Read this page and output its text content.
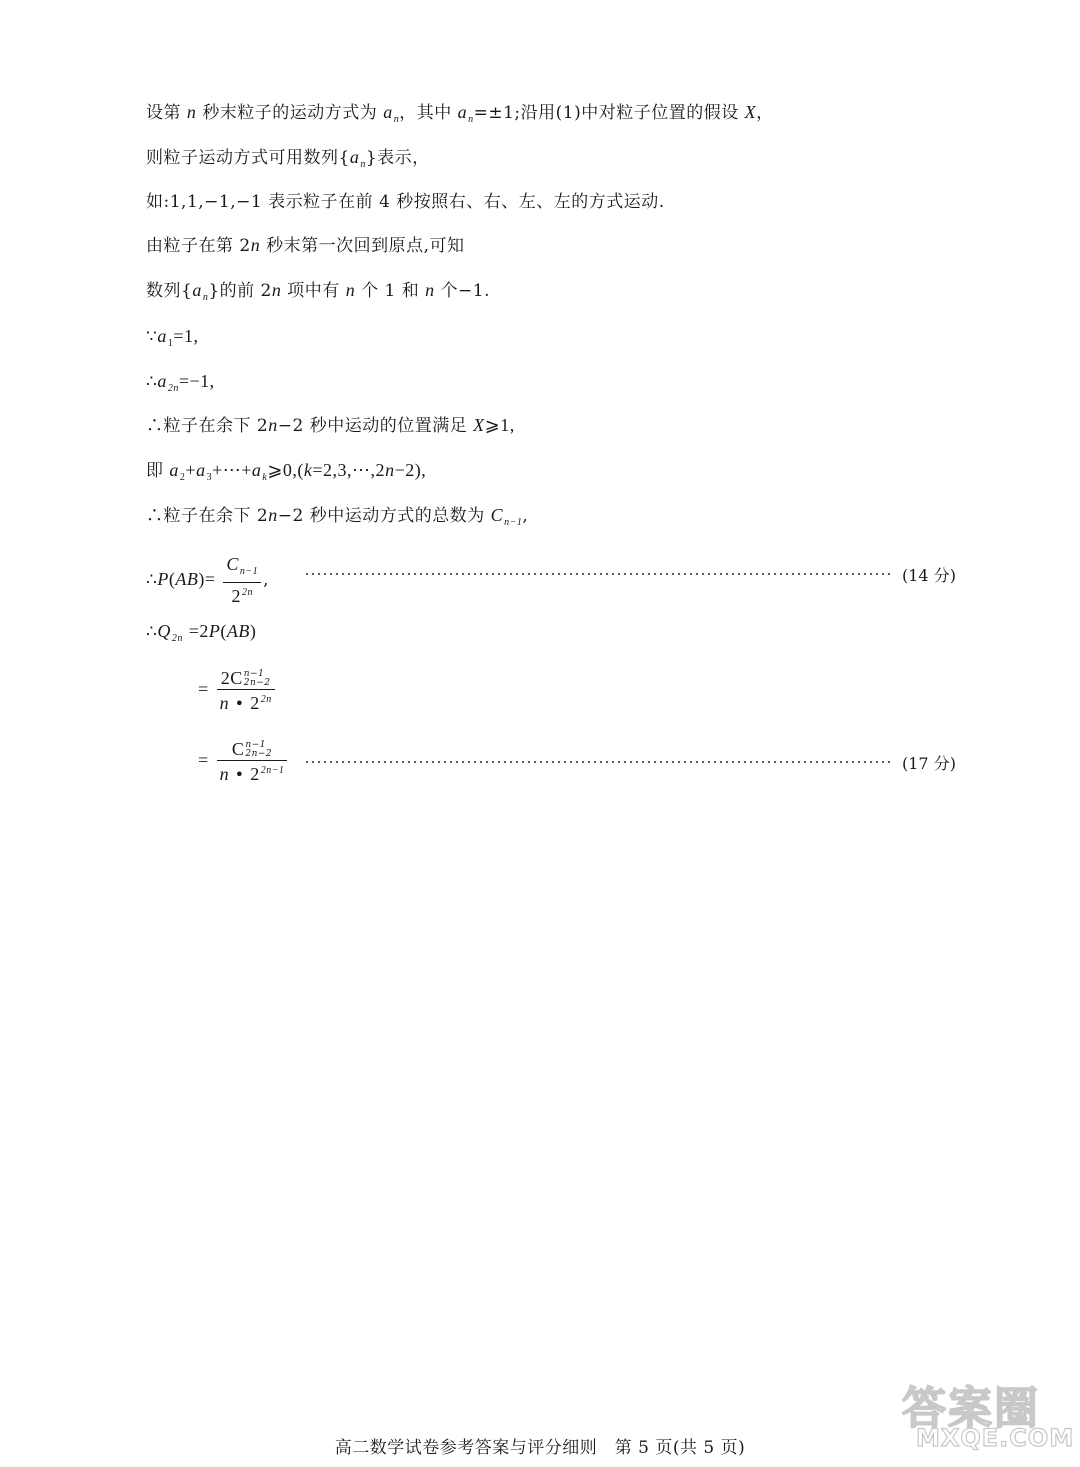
设第 n 秒末粒子的运动方式为 $a_n$，其中 $a_n=\pm 1$;沿用(1)中对粒子位置的假设 X，
则粒子运动方式可用数列$\{a_n\}$表示，
如:1,1,−1,−1 表示粒子在前 4 秒按照右、右、左、左的方式运动.
由粒子在第 2n 秒末第一次回到原点,可知
数列$\{a_n\}$的前 2n 项中有 n 个 1 和 n 个−1.
$\because a_1=1$,
$\therefore a_{2n}=-1$,
∴粒子在余下 2n−2 秒中运动的位置满足 X⩾1,
即 $a_2+a_3+\cdots+a_k⩾0,(k=2,3,\cdots,2n-2)$,
∴粒子在余下 2n−2 秒中运动方式的总数为 $C_{n-1}$,
∴P(AB)= $\frac{C_{n-1}}{2^{2n}}$ ,	(14 分)
$\therefore Q_{2n} =2P(AB)$
= 2C n−1
2n−2
n • $2^{2n}$
= C n−1
2n−2
n • $2^{2n-1}$	(17 分)
高二数学试卷参考答案与评分细则　第 5 页(共 5 页)
答案圈
MXQE.COM
